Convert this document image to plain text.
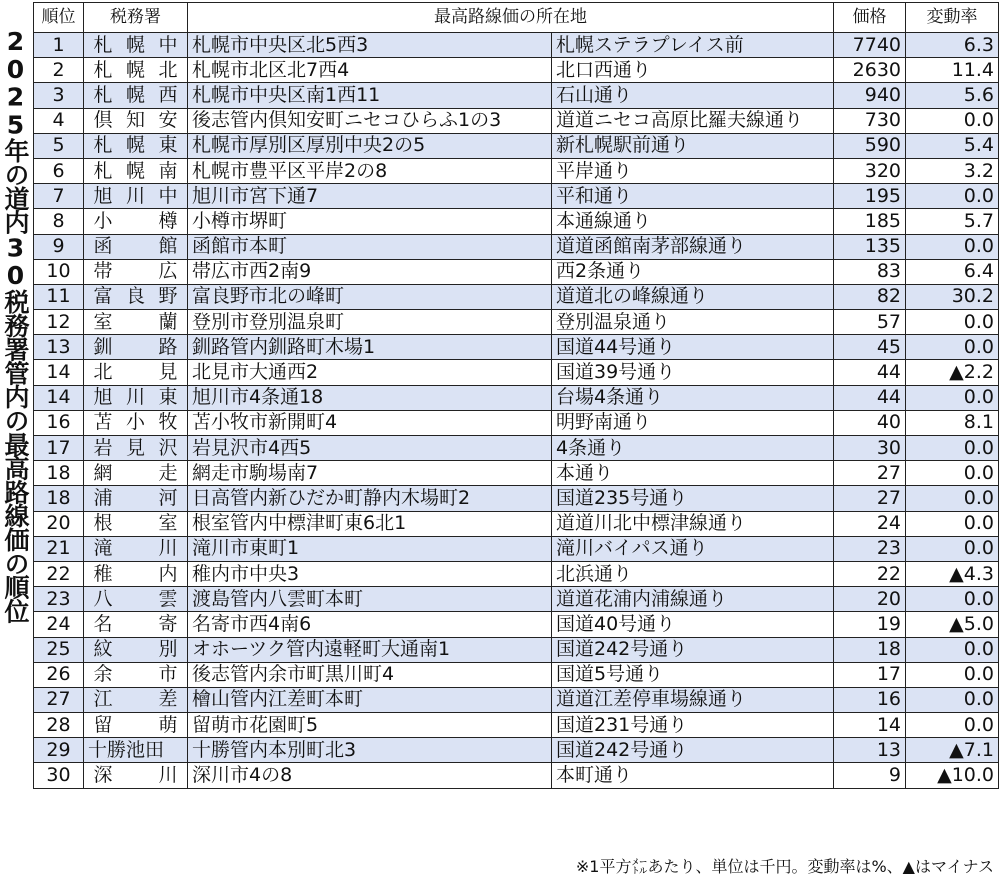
2025年の道内30税務署管内の最高路線価の順位
順位	税務署	最高路線価の所在地		価格	変動率
1	札 幌 中	札幌市中央区北5西3	札幌ステラプレイス前	7740	6.3
2	札 幌 北	札幌市北区北7西4	北口西通り	2630	11.4
3	札 幌 西	札幌市中央区南1西11	石山通り	940	5.6
4	倶 知 安	後志管内倶知安町ニセコひらふ1の3	道道ニセコ高原比羅夫線通り	730	0.0
5	札 幌 東	札幌市厚別区厚別中央2の5	新札幌駅前通り	590	5.4
6	札 幌 南	札幌市豊平区平岸2の8	平岸通り	320	3.2
7	旭 川 中	旭川市宮下通7	平和通り	195	0.0
8	小 樽	小樽市堺町	本通線通り	185	5.7
9	函 館	函館市本町	道道函館南茅部線通り	135	0.0
10	帯 広	帯広市西2南9	西2条通り	83	6.4
11	富 良 野	富良野市北の峰町	道道北の峰線通り	82	30.2
12	室 蘭	登別市登別温泉町	登別温泉通り	57	0.0
13	釧 路	釧路管内釧路町木場1	国道44号通り	45	0.0
14	北 見	北見市大通西2	国道39号通り	44	▲2.2
14	旭 川 東	旭川市4条通18	台場4条通り	44	0.0
16	苫 小 牧	苫小牧市新開町4	明野南通り	40	8.1
17	岩 見 沢	岩見沢市4西5	4条通り	30	0.0
18	網 走	網走市駒場南7	本通り	27	0.0
18	浦 河	日高管内新ひだか町静内木場町2	国道235号通り	27	0.0
20	根 室	根室管内中標津町東6北1	道道川北中標津線通り	24	0.0
21	滝 川	滝川市東町1	滝川バイパス通り	23	0.0
22	稚 内	稚内市中央3	北浜通り	22	▲4.3
23	八 雲	渡島管内八雲町本町	道道花浦内浦線通り	20	0.0
24	名 寄	名寄市西4南6	国道40号通り	19	▲5.0
25	紋 別	オホーツク管内遠軽町大通南1	国道242号通り	18	0.0
26	余 市	後志管内余市町黒川町4	国道5号通り	17	0.0
27	江 差	檜山管内江差町本町	道道江差停車場線通り	16	0.0
28	留 萌	留萌市花園町5	国道231号通り	14	0.0
29	十 勝 池 田	十勝管内本別町北3	国道242号通り	13	▲7.1
30	深 川	深川市4の8	本町通り	9	▲10.0
※1平方㍍あたり、単位は千円。変動率は%、▲はマイナス
